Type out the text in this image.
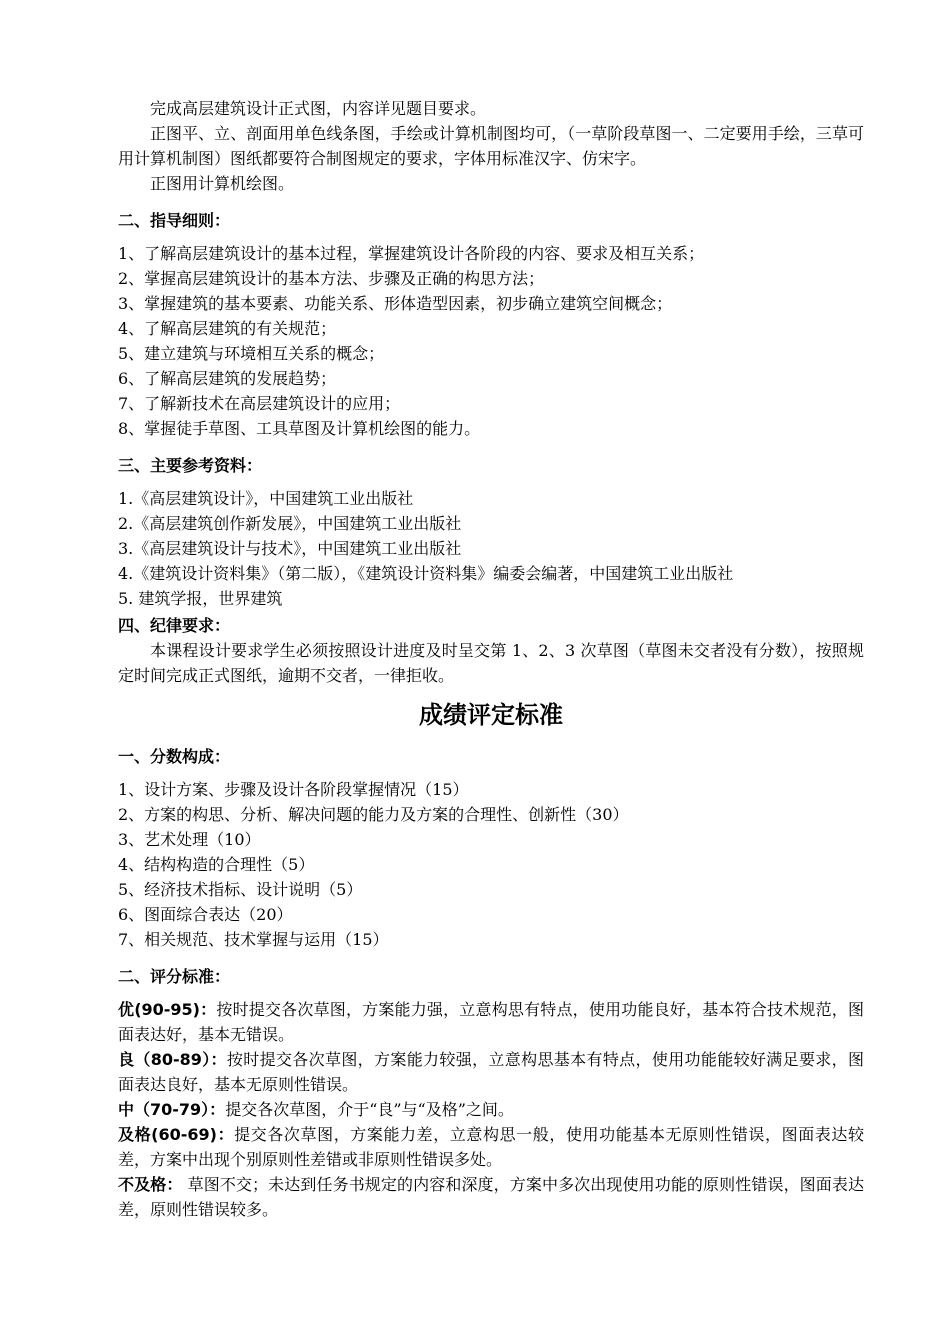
完成高层建筑设计正式图，内容详见题目要求。

正图平、立、剖面用单色线条图，手绘或计算机制图均可，（一草阶段草图一、二定要用手绘，三草可用计算机制图）图纸都要符合制图规定的要求，字体用标准汉字、仿宋字。

正图用计算机绘图。

二、指导细则：

1、了解高层建筑设计的基本过程，掌握建筑设计各阶段的内容、要求及相互关系；
2、掌握高层建筑设计的基本方法、步骤及正确的构思方法；
3、掌握建筑的基本要素、功能关系、形体造型因素，初步确立建筑空间概念；
4、了解高层建筑的有关规范；
5、建立建筑与环境相互关系的概念；
6、了解高层建筑的发展趋势；
7、了解新技术在高层建筑设计的应用；
8、掌握徒手草图、工具草图及计算机绘图的能力。

三、主要参考资料：

1.《高层建筑设计》，中国建筑工业出版社
2.《高层建筑创作新发展》，中国建筑工业出版社
3.《高层建筑设计与技术》，中国建筑工业出版社
4.《建筑设计资料集》（第二版），《建筑设计资料集》编委会编著，中国建筑工业出版社
5. 建筑学报，世界建筑

四、纪律要求：

本课程设计要求学生必须按照设计进度及时呈交第 1、2、3 次草图（草图未交者没有分数），按照规定时间完成正式图纸，逾期不交者，一律拒收。

成绩评定标准

一、分数构成：

1、设计方案、步骤及设计各阶段掌握情况（15）
2、方案的构思、分析、解决问题的能力及方案的合理性、创新性（30）
3、艺术处理（10）
4、结构构造的合理性（5）
5、经济技术指标、设计说明（5）
6、图面综合表达（20）
7、相关规范、技术掌握与运用（15）

二、评分标准：

优(90-95)：按时提交各次草图，方案能力强，立意构思有特点，使用功能良好，基本符合技术规范，图面表达好，基本无错误。

良（80-89）：按时提交各次草图，方案能力较强，立意构思基本有特点，使用功能能较好满足要求，图面表达良好，基本无原则性错误。

中（70-79）：提交各次草图，介于“良”与“及格”之间。

及格(60-69)：提交各次草图，方案能力差，立意构思一般，使用功能基本无原则性错误，图面表达较差，方案中出现个别原则性差错或非原则性错误多处。

不及格： 草图不交；未达到任务书规定的内容和深度，方案中多次出现使用功能的原则性错误，图面表达差，原则性错误较多。
